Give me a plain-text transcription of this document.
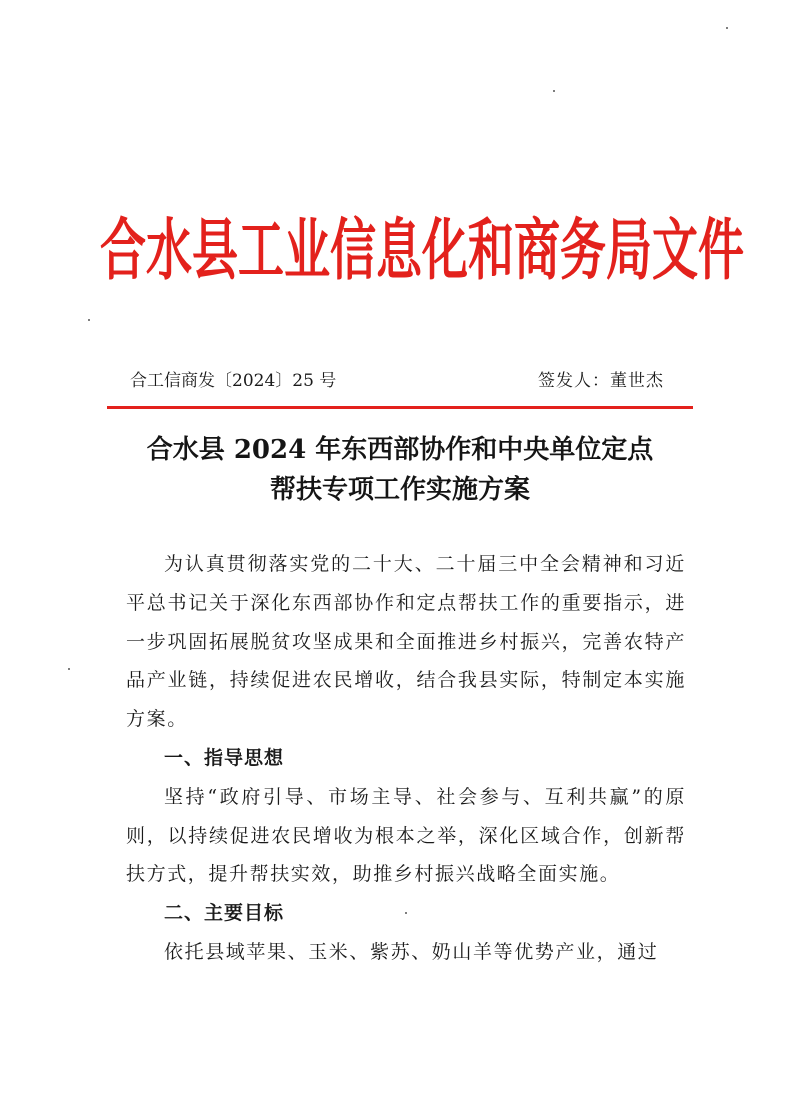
合水县工业信息化和商务局文件
合工信商发〔2024〕25 号	签发人：董世杰
合水县 2024 年东西部协作和中央单位定点
帮扶专项工作实施方案

为认真贯彻落实党的二十大、二十届三中全会精神和习近平总书记关于深化东西部协作和定点帮扶工作的重要指示，进一步巩固拓展脱贫攻坚成果和全面推进乡村振兴，完善农特产品产业链，持续促进农民增收，结合我县实际，特制定本实施方案。

一、指导思想

坚持“政府引导、市场主导、社会参与、互利共赢”的原则，以持续促进农民增收为根本之举，深化区域合作，创新帮扶方式，提升帮扶实效，助推乡村振兴战略全面实施。

二、主要目标

依托县域苹果、玉米、紫苏、奶山羊等优势产业，通过
